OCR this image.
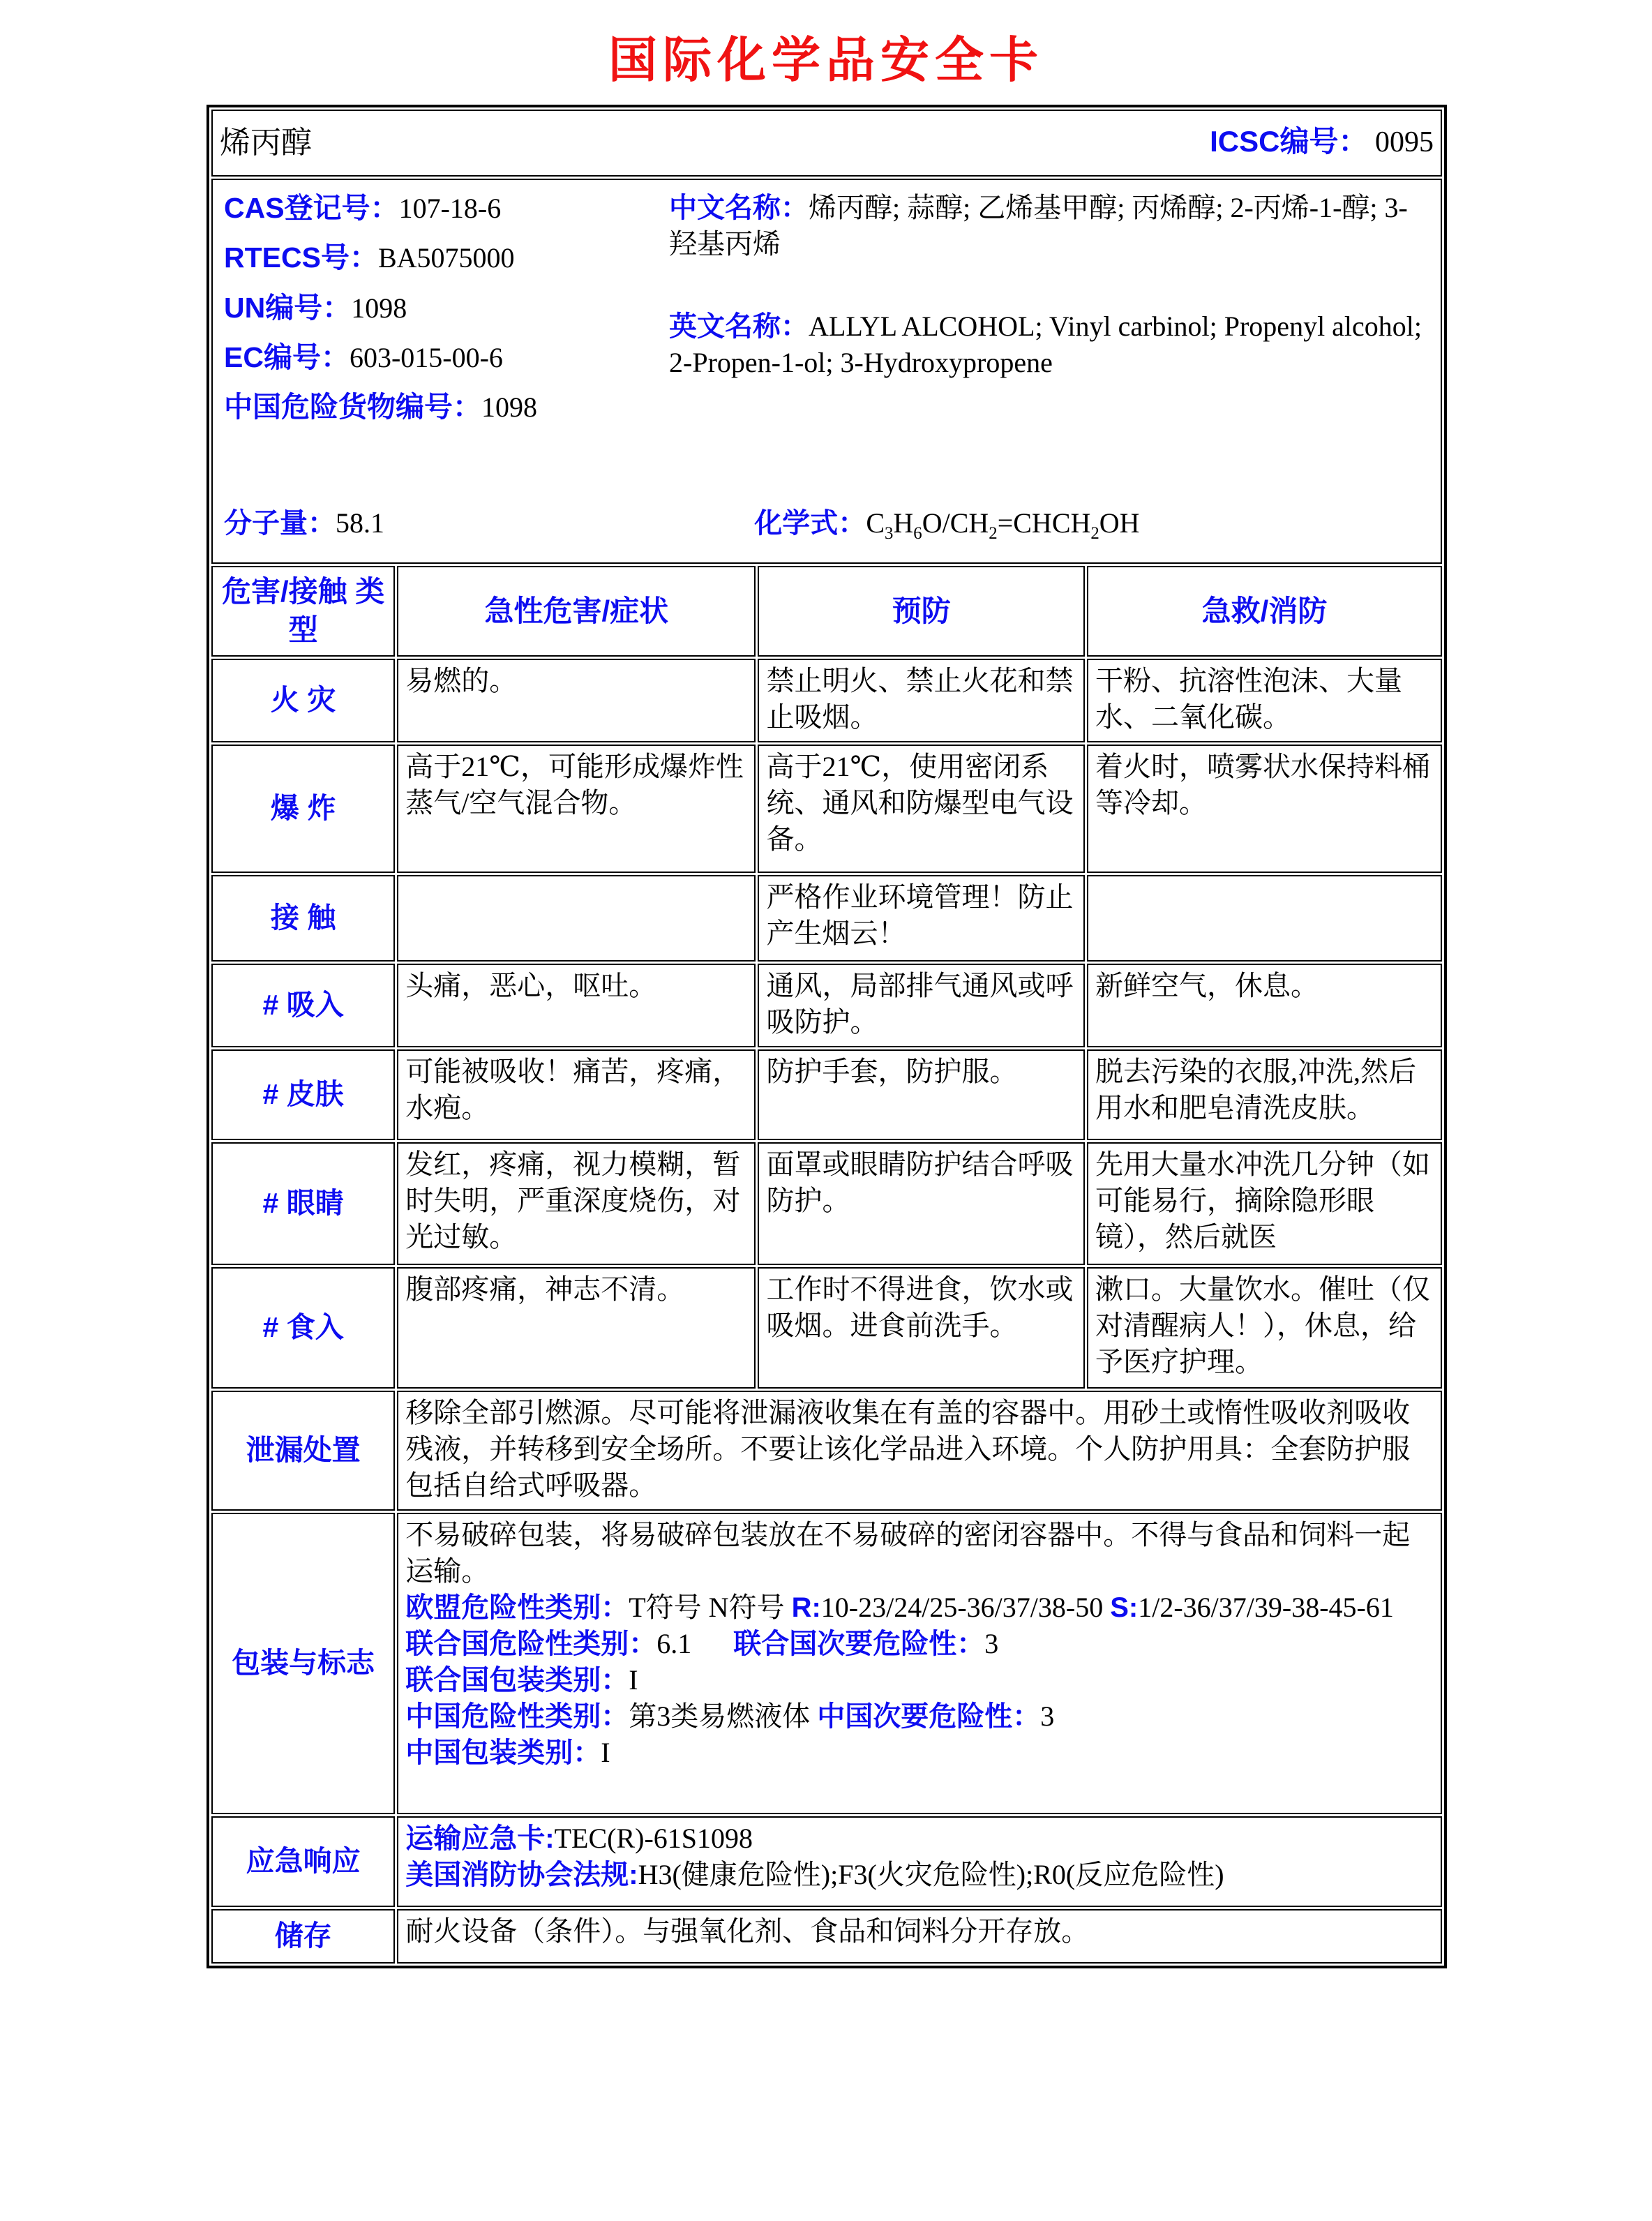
国际化学品安全卡
烯丙醇 ICSC编号： 0095			

CAS登记号：107-18-6

RTECS号：BA5075000

UN编号：1098

EC编号：603-015-00-6

中国危险货物编号：1098

中文名称：烯丙醇; 蒜醇; 乙烯基甲醇; 丙烯醇; 2-丙烯-1-醇; 3-羟基丙烯

英文名称：ALLYL ALCOHOL; Vinyl carbinol; Propenyl alcohol; 2-Propen-1-ol; 3-Hydroxypropene

分子量：58.1	化学式：$C_3H_6O/CH_2=CHCH_2OH$

危害/接触 类型	急性危害/症状	预防	急救/消防
火 灾	易燃的。	禁止明火、禁止火花和禁止吸烟。	干粉、抗溶性泡沫、大量水、二氧化碳。
爆 炸	高于21℃，可能形成爆炸性蒸气/空气混合物。	高于21℃，使用密闭系统、通风和防爆型电气设备。	着火时，喷雾状水保持料桶等冷却。
接 触		严格作业环境管理！防止产生烟云！	
# 吸入	头痛，恶心，呕吐。	通风，局部排气通风或呼吸防护。	新鲜空气，休息。
# 皮肤	可能被吸收！痛苦，疼痛，水疱。	防护手套，防护服。	脱去污染的衣服,冲洗,然后用水和肥皂清洗皮肤。
# 眼睛	发红，疼痛，视力模糊，暂时失明，严重深度烧伤，对光过敏。	面罩或眼睛防护结合呼吸防护。	先用大量水冲洗几分钟（如可能易行，摘除隐形眼镜），然后就医
# 食入	腹部疼痛，神志不清。	工作时不得进食，饮水或吸烟。进食前洗手。	漱口。大量饮水。催吐（仅对清醒病人！），休息，给予医疗护理。
泄漏处置	移除全部引燃源。尽可能将泄漏液收集在有盖的容器中。用砂土或惰性吸收剂吸收残液，并转移到安全场所。不要让该化学品进入环境。个人防护用具：全套防护服包括自给式呼吸器。		
包装与标志	

不易破碎包装，将易破碎包装放在不易破碎的密闭容器中。不得与食品和饲料一起运输。

欧盟危险性类别：T符号 N符号 R:10-23/24/25-36/37/38-50 S:1/2-36/37/39-38-45-61

联合国危险性类别：6.1 联合国次要危险性：3

联合国包装类别：I

中国危险性类别：第3类易燃液体 中国次要危险性：3

中国包装类别：I

应急响应	运输应急卡:TEC(R)-61S1098

美国消防协会法规:H3(健康危险性);F3(火灾危险性);R0(反应危险性)		

储存	耐火设备（条件）。与强氧化剂、食品和饲料分开存放。		
